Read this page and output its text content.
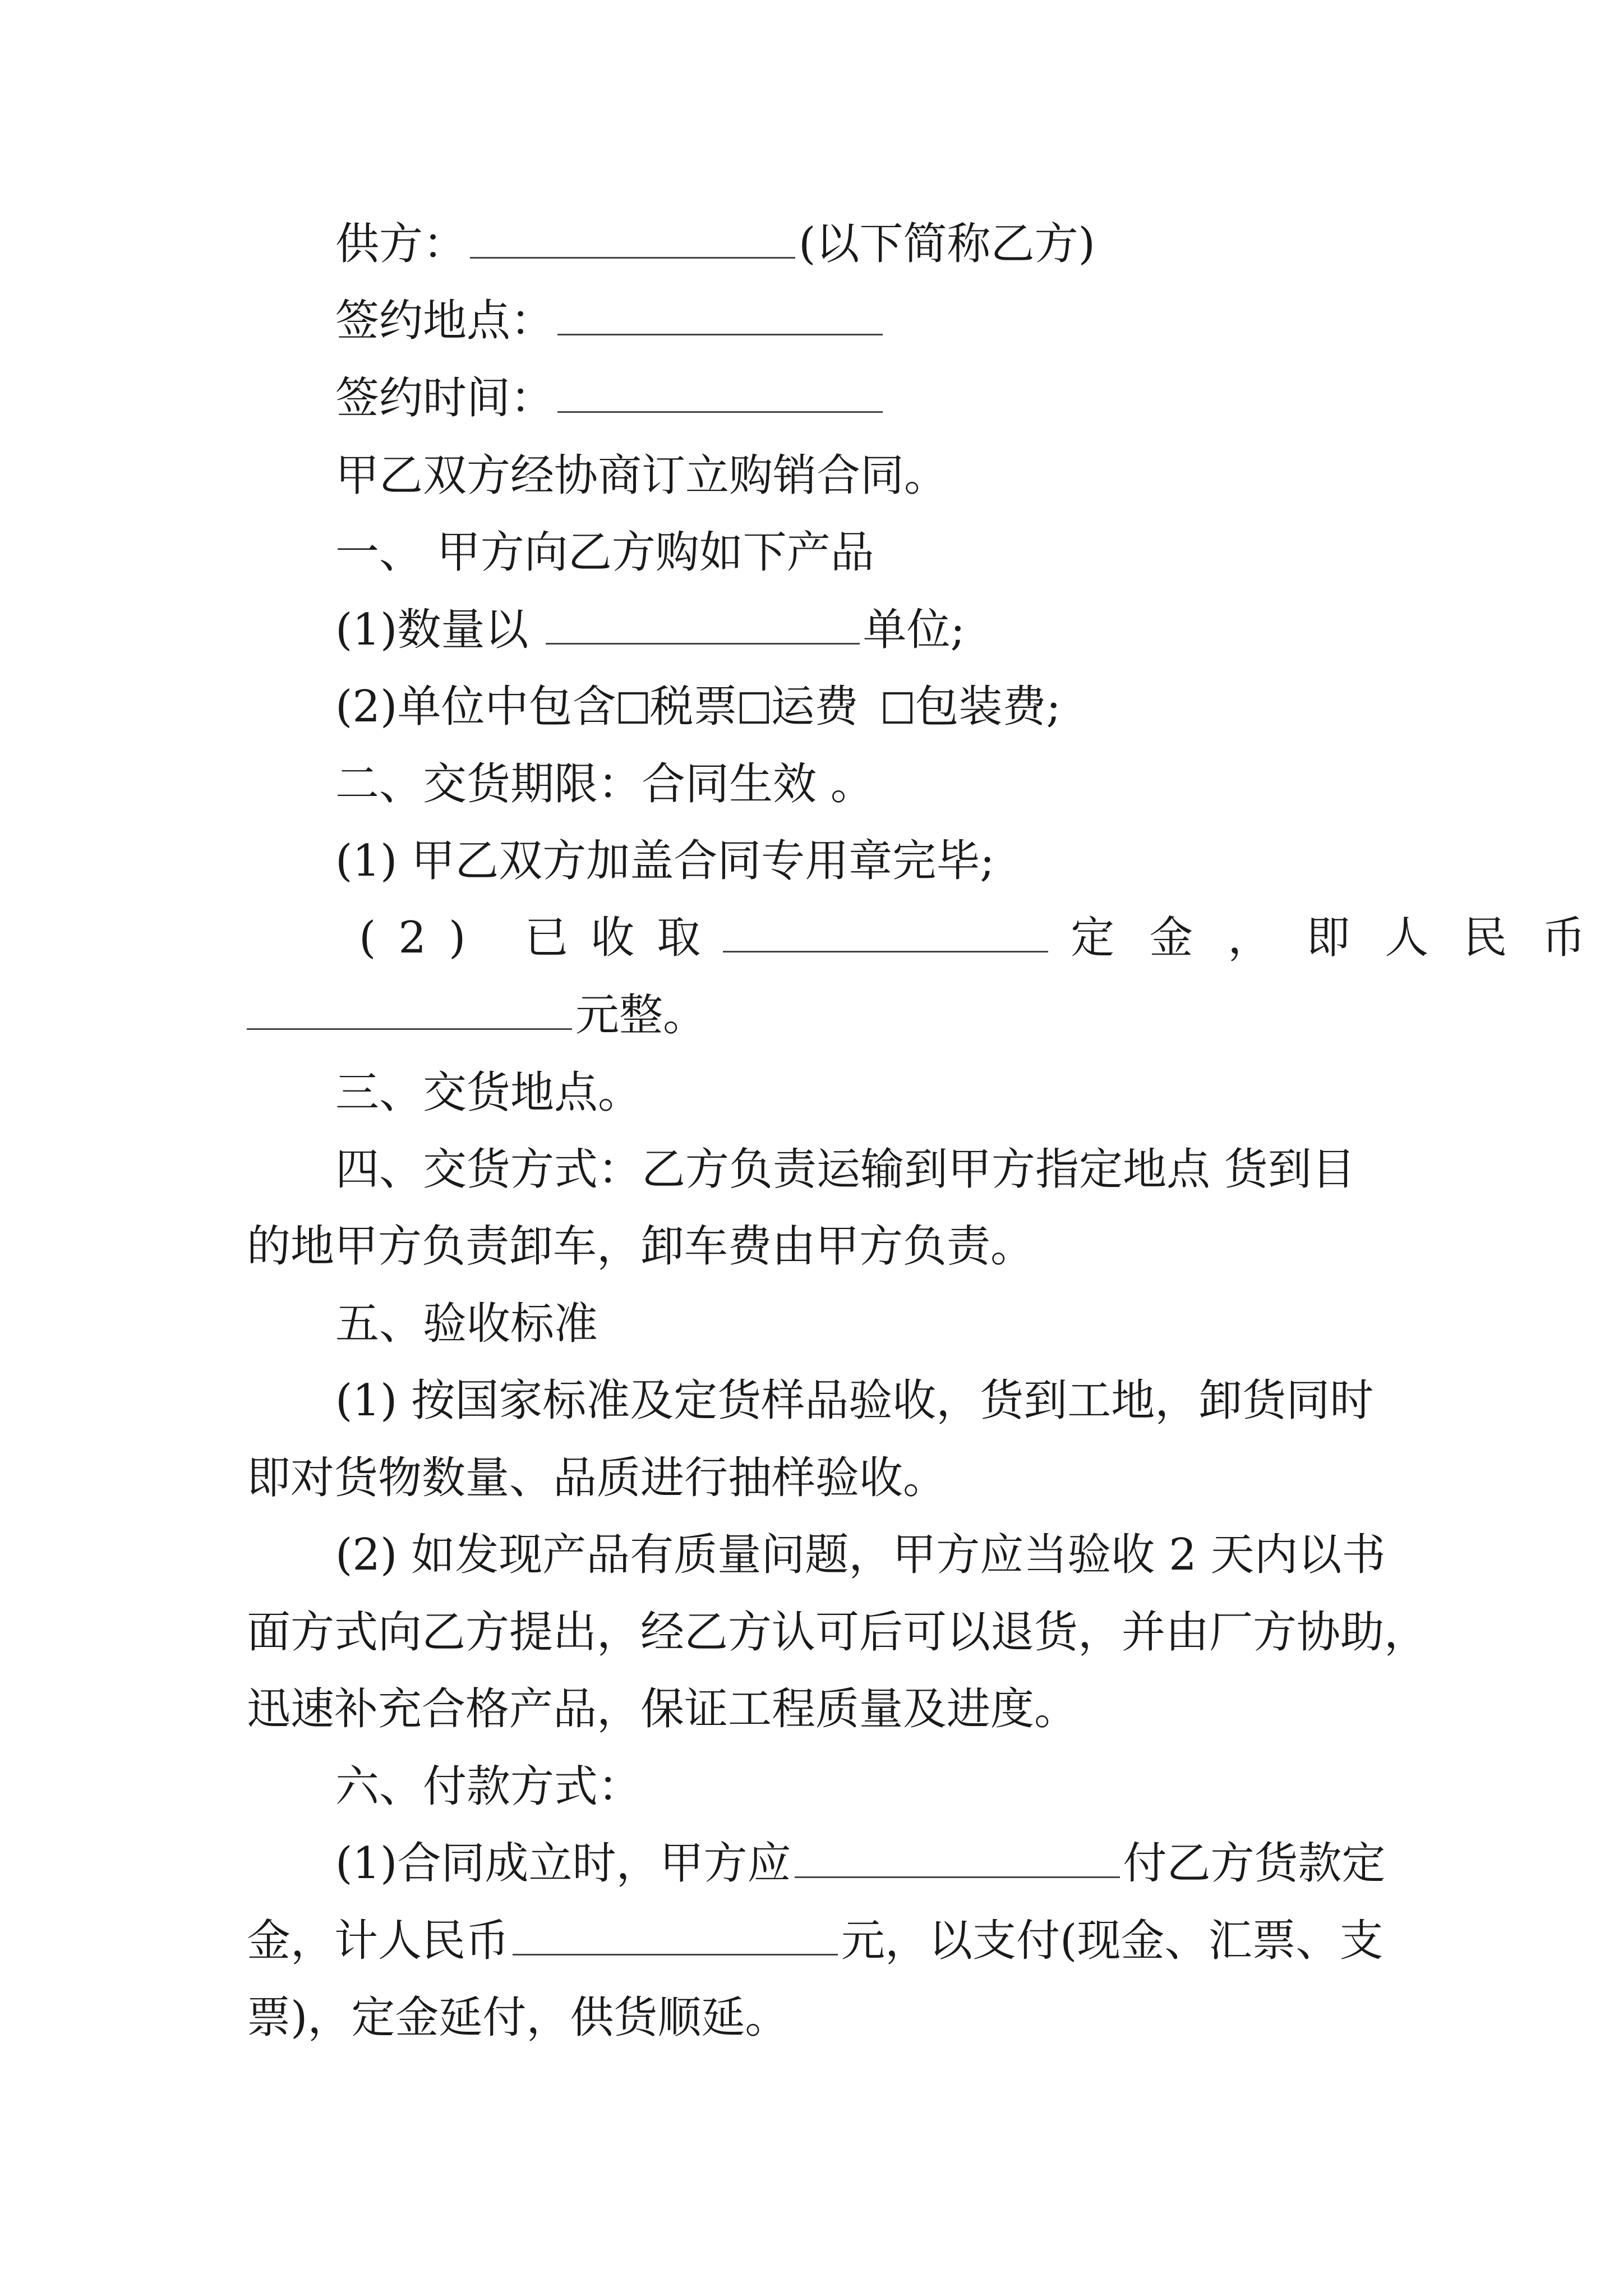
供方：	(以下简称乙方)
签约地点：
签约时间：
甲乙双方经协商订立购销合同。
一、 甲方向乙方购如下产品
(1)数量以	单位;
(2)单位中包含 税票 运费 包装费;
二、交货期限：合同生效 。
(1) 甲乙双方加盖合同专用章完毕;
(2) 已收取	定金，即人民币
元整。
三、交货地点。
四、交货方式：乙方负责运输到甲方指定地点 货到目
的地甲方负责卸车，卸车费由甲方负责。
五、验收标准
(1) 按国家标准及定货样品验收，货到工地，卸货同时
即对货物数量、品质进行抽样验收。
(2) 如发现产品有质量问题，甲方应当验收 2 天内以书
面方式向乙方提出，经乙方认可后可以退货，并由厂方协助，
迅速补充合格产品，保证工程质量及进度。
六、付款方式：
(1)合同成立时，甲方应	付乙方货款定
金，计人民币	元，以支付(现金、汇票、支
票)，定金延付，供货顺延。
